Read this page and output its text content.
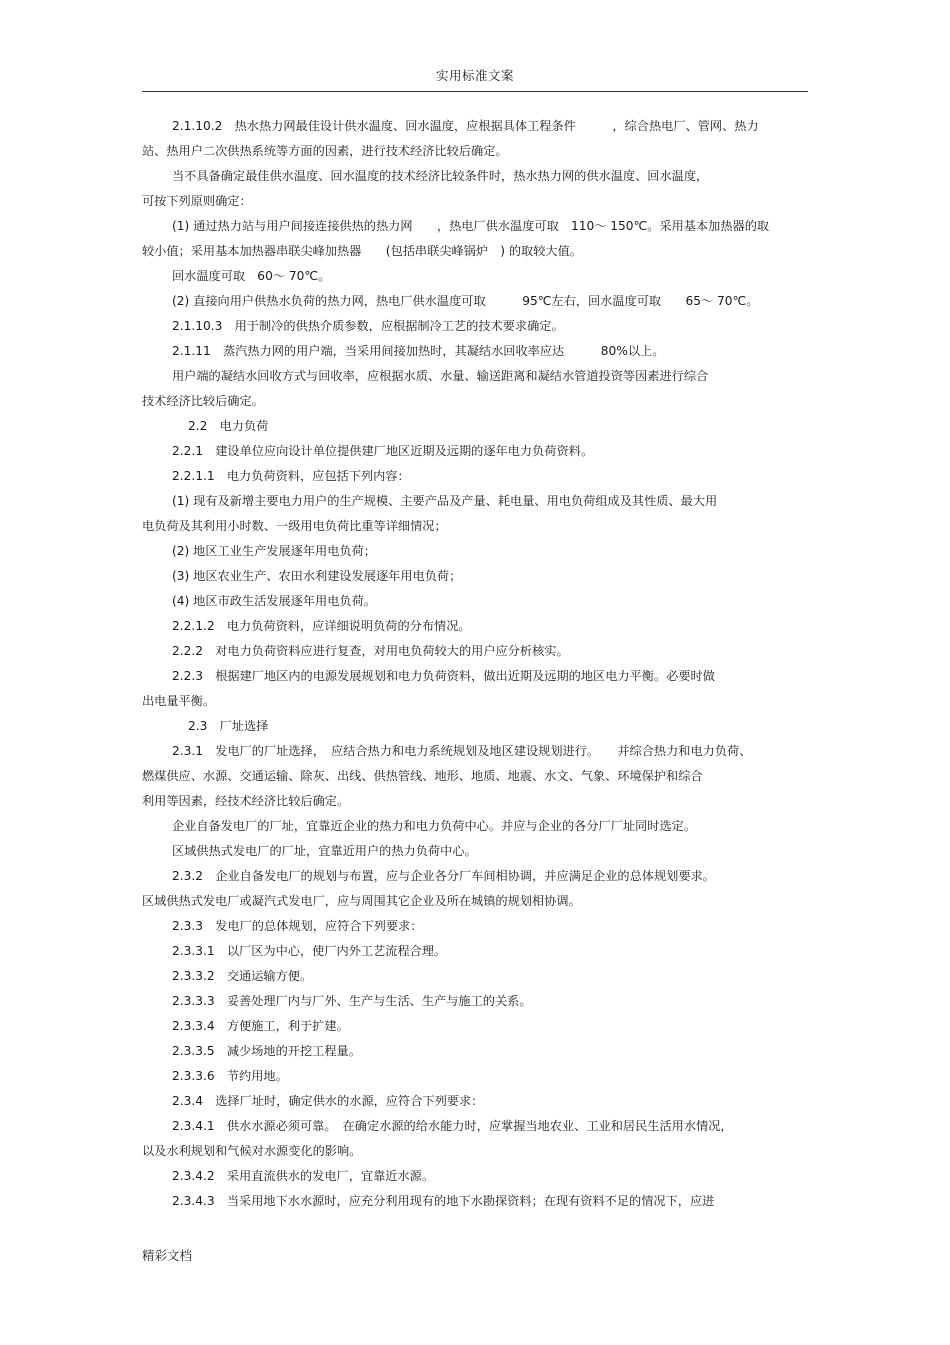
实用标准文案
2.1.10.2　热水热力网最佳设计供水温度、回水温度，应根据具体工程条件　　　，综合热电厂、管网、热力
站、热用户二次供热系统等方面的因素，进行技术经济比较后确定。
当不具备确定最佳供水温度、回水温度的技术经济比较条件时，热水热力网的供水温度、回水温度，
可按下列原则确定：
(1) 通过热力站与用户间接连接供热的热力网　　，热电厂供水温度可取　110～ 150℃。采用基本加热器的取
较小值；采用基本加热器串联尖峰加热器　　(包括串联尖峰锅炉　) 的取较大值。
回水温度可取　60～ 70℃。
(2) 直接向用户供热水负荷的热力网，热电厂供水温度可取　　　95℃左右，回水温度可取　　65～ 70℃。
2.1.10.3　用于制冷的供热介质参数，应根据制冷工艺的技术要求确定。
2.1.11　蒸汽热力网的用户端，当采用间接加热时，其凝结水回收率应达　　　80%以上。
用户端的凝结水回收方式与回收率，应根据水质、水量、输送距离和凝结水管道投资等因素进行综合
技术经济比较后确定。
2.2　电力负荷
2.2.1　建设单位应向设计单位提供建厂地区近期及远期的逐年电力负荷资料。
2.2.1.1　电力负荷资料，应包括下列内容：
(1) 现有及新增主要电力用户的生产规模、主要产品及产量、耗电量、用电负荷组成及其性质、最大用
电负荷及其利用小时数、一级用电负荷比重等详细情况；
(2) 地区工业生产发展逐年用电负荷；
(3) 地区农业生产、农田水利建设发展逐年用电负荷；
(4) 地区市政生活发展逐年用电负荷。
2.2.1.2　电力负荷资料，应详细说明负荷的分布情况。
2.2.2　对电力负荷资料应进行复查，对用电负荷较大的用户应分析核实。
2.2.3　根据建厂地区内的电源发展规划和电力负荷资料，做出近期及远期的地区电力平衡。必要时做
出电量平衡。
2.3　厂址选择
2.3.1　发电厂的厂址选择，　应结合热力和电力系统规划及地区建设规划进行。　　并综合热力和电力负荷、
燃煤供应、水源、交通运输、除灰、出线、供热管线、地形、地质、地震、水文、气象、环境保护和综合
利用等因素，经技术经济比较后确定。
企业自备发电厂的厂址，宜靠近企业的热力和电力负荷中心。并应与企业的各分厂厂址同时选定。
区域供热式发电厂的厂址，宜靠近用户的热力负荷中心。
2.3.2　企业自备发电厂的规划与布置，应与企业各分厂车间相协调，并应满足企业的总体规划要求。
区域供热式发电厂或凝汽式发电厂，应与周围其它企业及所在城镇的规划相协调。
2.3.3　发电厂的总体规划，应符合下列要求：
2.3.3.1　以厂区为中心，使厂内外工艺流程合理。
2.3.3.2　交通运输方便。
2.3.3.3　妥善处理厂内与厂外、生产与生活、生产与施工的关系。
2.3.3.4　方便施工，利于扩建。
2.3.3.5　减少场地的开挖工程量。
2.3.3.6　节约用地。
2.3.4　选择厂址时，确定供水的水源，应符合下列要求：
2.3.4.1　供水水源必须可靠。　在确定水源的给水能力时，应掌握当地农业、工业和居民生活用水情况，
以及水利规划和气候对水源变化的影响。
2.3.4.2　采用直流供水的发电厂，宜靠近水源。
2.3.4.3　当采用地下水水源时，应充分利用现有的地下水勘探资料；在现有资料不足的情况下，应进
精彩文档
